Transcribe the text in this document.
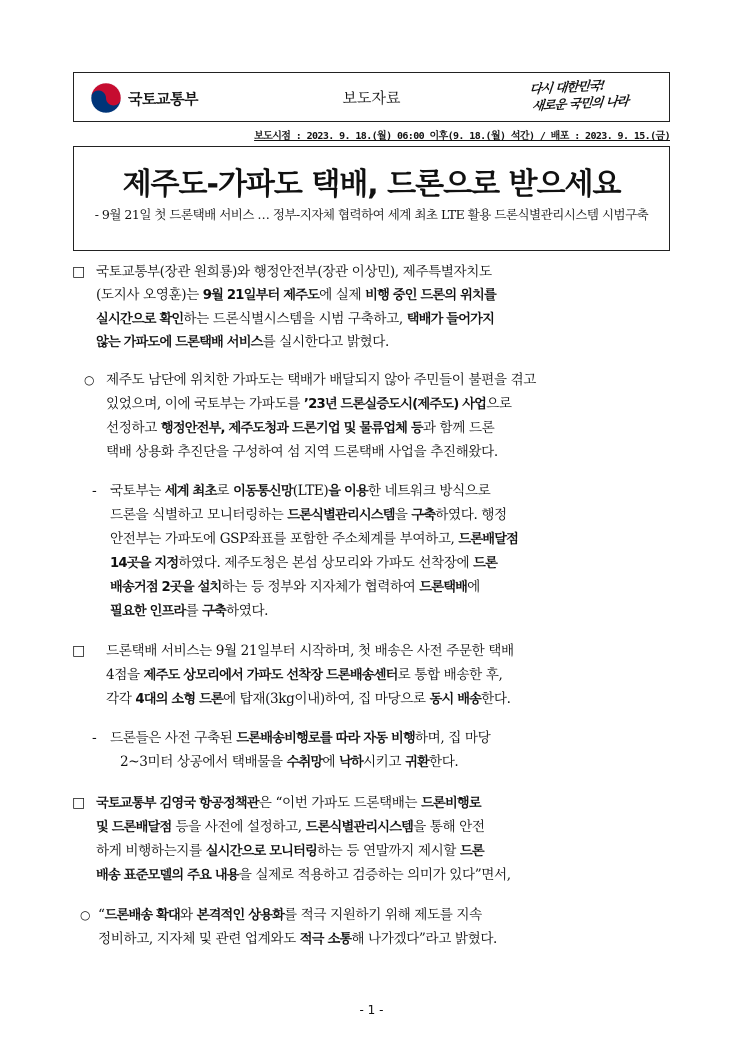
국토교통부	보도자료
다시 대한민국!
새로운 국민의 나라
보도시점 : 2023. 9. 18.(월) 06:00 이후(9. 18.(월) 석간) / 배포 : 2023. 9. 15.(금)
제주도-가파도 택배, 드론으로 받으세요
- 9월 21일 첫 드론택배 서비스 … 정부-지자체 협력하여 세계 최초 LTE 활용 드론식별관리시스템 시범구축
□ 국토교통부(장관 원희룡)와 행정안전부(장관 이상민), 제주특별자치도
(도지사 오영훈)는 9월 21일부터 제주도에 실제 비행 중인 드론의 위치를
실시간으로 확인하는 드론식별시스템을 시범 구축하고, 택배가 들어가지
않는 가파도에 드론택배 서비스를 실시한다고 밝혔다.
○ 제주도 남단에 위치한 가파도는 택배가 배달되지 않아 주민들이 불편을 겪고
있었으며, 이에 국토부는 가파도를 ’23년 드론실증도시(제주도) 사업으로
선정하고 행정안전부, 제주도청과 드론기업 및 물류업체 등과 함께 드론
택배 상용화 추진단을 구성하여 섬 지역 드론택배 사업을 추진해왔다.
- 국토부는 세계 최초로 이동통신망(LTE)을 이용한 네트워크 방식으로
드론을 식별하고 모니터링하는 드론식별관리시스템을 구축하였다. 행정
안전부는 가파도에 GSP좌표를 포함한 주소체계를 부여하고, 드론배달점
14곳을 지정하였다. 제주도청은 본섬 상모리와 가파도 선착장에 드론
배송거점 2곳을 설치하는 등 정부와 지자체가 협력하여 드론택배에
필요한 인프라를 구축하였다.
□ 드론택배 서비스는 9월 21일부터 시작하며, 첫 배송은 사전 주문한 택배
4점을 제주도 상모리에서 가파도 선착장 드론배송센터로 통합 배송한 후,
각각 4대의 소형 드론에 탑재(3kg이내)하여, 집 마당으로 동시 배송한다.
- 드론들은 사전 구축된 드론배송비행로를 따라 자동 비행하며, 집 마당
2~3미터 상공에서 택배물을 수취망에 낙하시키고 귀환한다.
□ 국토교통부 김영국 항공정책관은 “이번 가파도 드론택배는 드론비행로
및 드론배달점 등을 사전에 설정하고, 드론식별관리시스템을 통해 안전
하게 비행하는지를 실시간으로 모니터링하는 등 연말까지 제시할 드론
배송 표준모델의 주요 내용을 실제로 적용하고 검증하는 의미가 있다”면서,
○ “드론배송 확대와 본격적인 상용화를 적극 지원하기 위해 제도를 지속
정비하고, 지자체 및 관련 업계와도 적극 소통해 나가겠다”라고 밝혔다.
- 1 -
